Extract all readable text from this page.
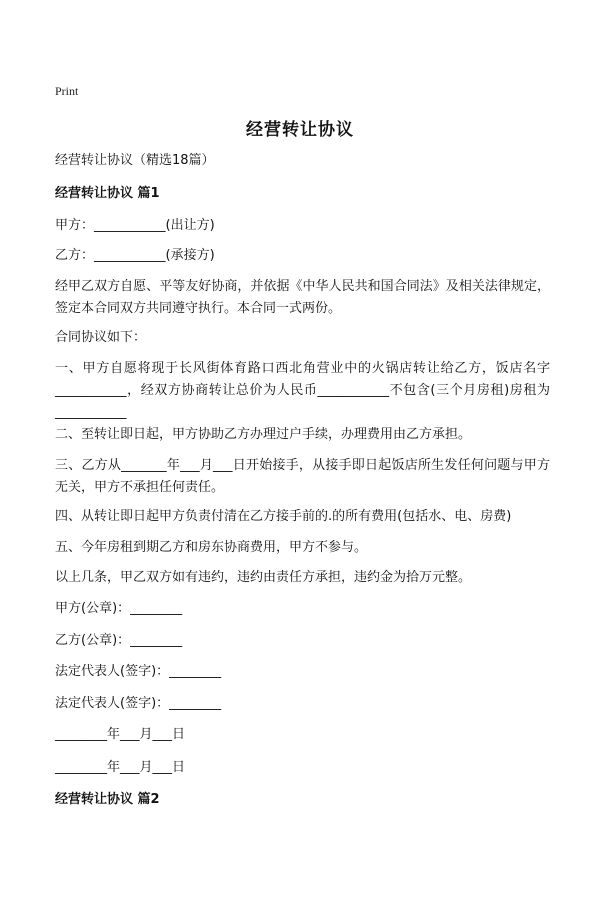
Print
经营转让协议
经营转让协议（精选18篇）
经营转让协议 篇1
甲方：___________(出让方)
乙方：___________(承接方)
经甲乙双方自愿、平等友好协商，并依据《中华人民共和国合同法》及相关法律规定，签定本合同双方共同遵守执行。本合同一式两份。
合同协议如下：
一、甲方自愿将现于长风街体育路口西北角营业中的火锅店转让给乙方，饭店名字___________，经双方协商转让总价为人民币___________不包含(三个月房租)房租为___________
二、至转让即日起，甲方协助乙方办理过户手续，办理费用由乙方承担。
三、乙方从_______年___月___日开始接手，从接手即日起饭店所生发任何问题与甲方无关，甲方不承担任何责任。
四、从转让即日起甲方负责付清在乙方接手前的.的所有费用(包括水、电、房费)
五、今年房租到期乙方和房东协商费用，甲方不参与。
以上几条，甲乙双方如有违约，违约由责任方承担，违约金为拾万元整。
甲方(公章)：________
乙方(公章)：________
法定代表人(签字)：________
法定代表人(签字)：________
________年___月___日
________年___月___日
经营转让协议 篇2
